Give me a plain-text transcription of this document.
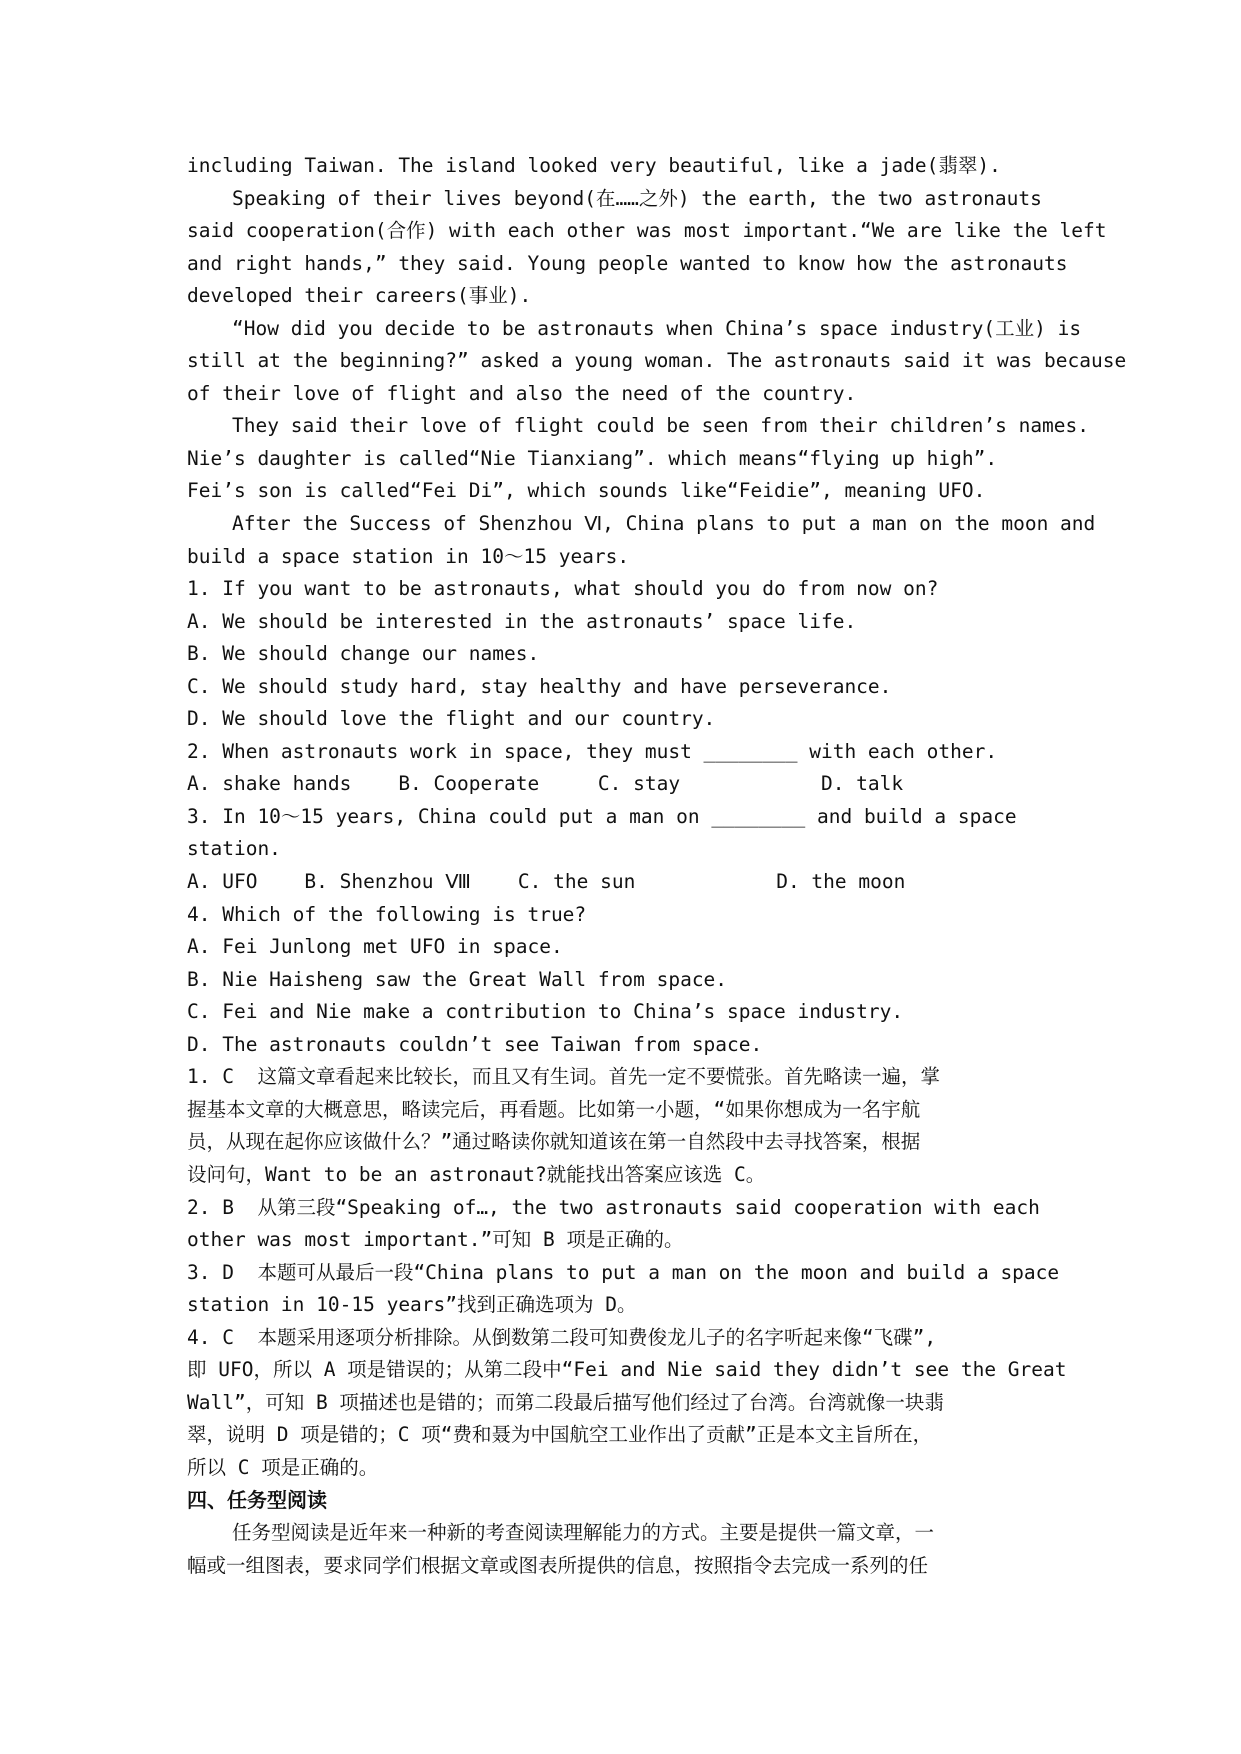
including Taiwan. The island looked very beautiful, like a jade(翡翠).
Speaking of their lives beyond(在……之外) the earth, the two astronauts
said cooperation(合作) with each other was most important.“We are like the left
and right hands,” they said. Young people wanted to know how the astronauts
developed their careers(事业).
“How did you decide to be astronauts when China’s space industry(工业) is
still at the beginning?” asked a young woman. The astronauts said it was because
of their love of flight and also the need of the country.
They said their love of flight could be seen from their children’s names.
Nie’s daughter is called“Nie Tianxiang”. which means“flying up high”.
Fei’s son is called“Fei Di”, which sounds like“Feidie”, meaning UFO.
After the Success of Shenzhou Ⅵ, China plans to put a man on the moon and
build a space station in 10～15 years.
1. If you want to be astronauts, what should you do from now on?
A. We should be interested in the astronauts’ space life.
B. We should change our names.
C. We should study hard, stay healthy and have perseverance.
D. We should love the flight and our country.
2. When astronauts work in space, they must ________ with each other.
A. shake hands    B. Cooperate     C. stay            D. talk
3. In 10～15 years, China could put a man on ________ and build a space
station.
A. UFO    B. Shenzhou Ⅷ    C. the sun            D. the moon
4. Which of the following is true?
A. Fei Junlong met UFO in space.
B. Nie Haisheng saw the Great Wall from space.
C. Fei and Nie make a contribution to China’s space industry.
D. The astronauts couldn’t see Taiwan from space.
1. C  这篇文章看起来比较长，而且又有生词。首先一定不要慌张。首先略读一遍，掌
握基本文章的大概意思，略读完后，再看题。比如第一小题，“如果你想成为一名宇航
员，从现在起你应该做什么？”通过略读你就知道该在第一自然段中去寻找答案，根据
设问句，Want to be an astronaut?就能找出答案应该选 C。
2. B  从第三段“Speaking of…, the two astronauts said cooperation with each
other was most important.”可知 B 项是正确的。
3. D  本题可从最后一段“China plans to put a man on the moon and build a space
station in 10-15 years”找到正确选项为 D。
4. C  本题采用逐项分析排除。从倒数第二段可知费俊龙儿子的名字听起来像“飞碟”,
即 UFO，所以 A 项是错误的；从第二段中“Fei and Nie said they didn’t see the Great
Wall”，可知 B 项描述也是错的；而第二段最后描写他们经过了台湾。台湾就像一块翡
翠，说明 D 项是错的；C 项“费和聂为中国航空工业作出了贡献”正是本文主旨所在，
所以 C 项是正确的。
四、任务型阅读
任务型阅读是近年来一种新的考查阅读理解能力的方式。主要是提供一篇文章，一
幅或一组图表，要求同学们根据文章或图表所提供的信息，按照指令去完成一系列的任
